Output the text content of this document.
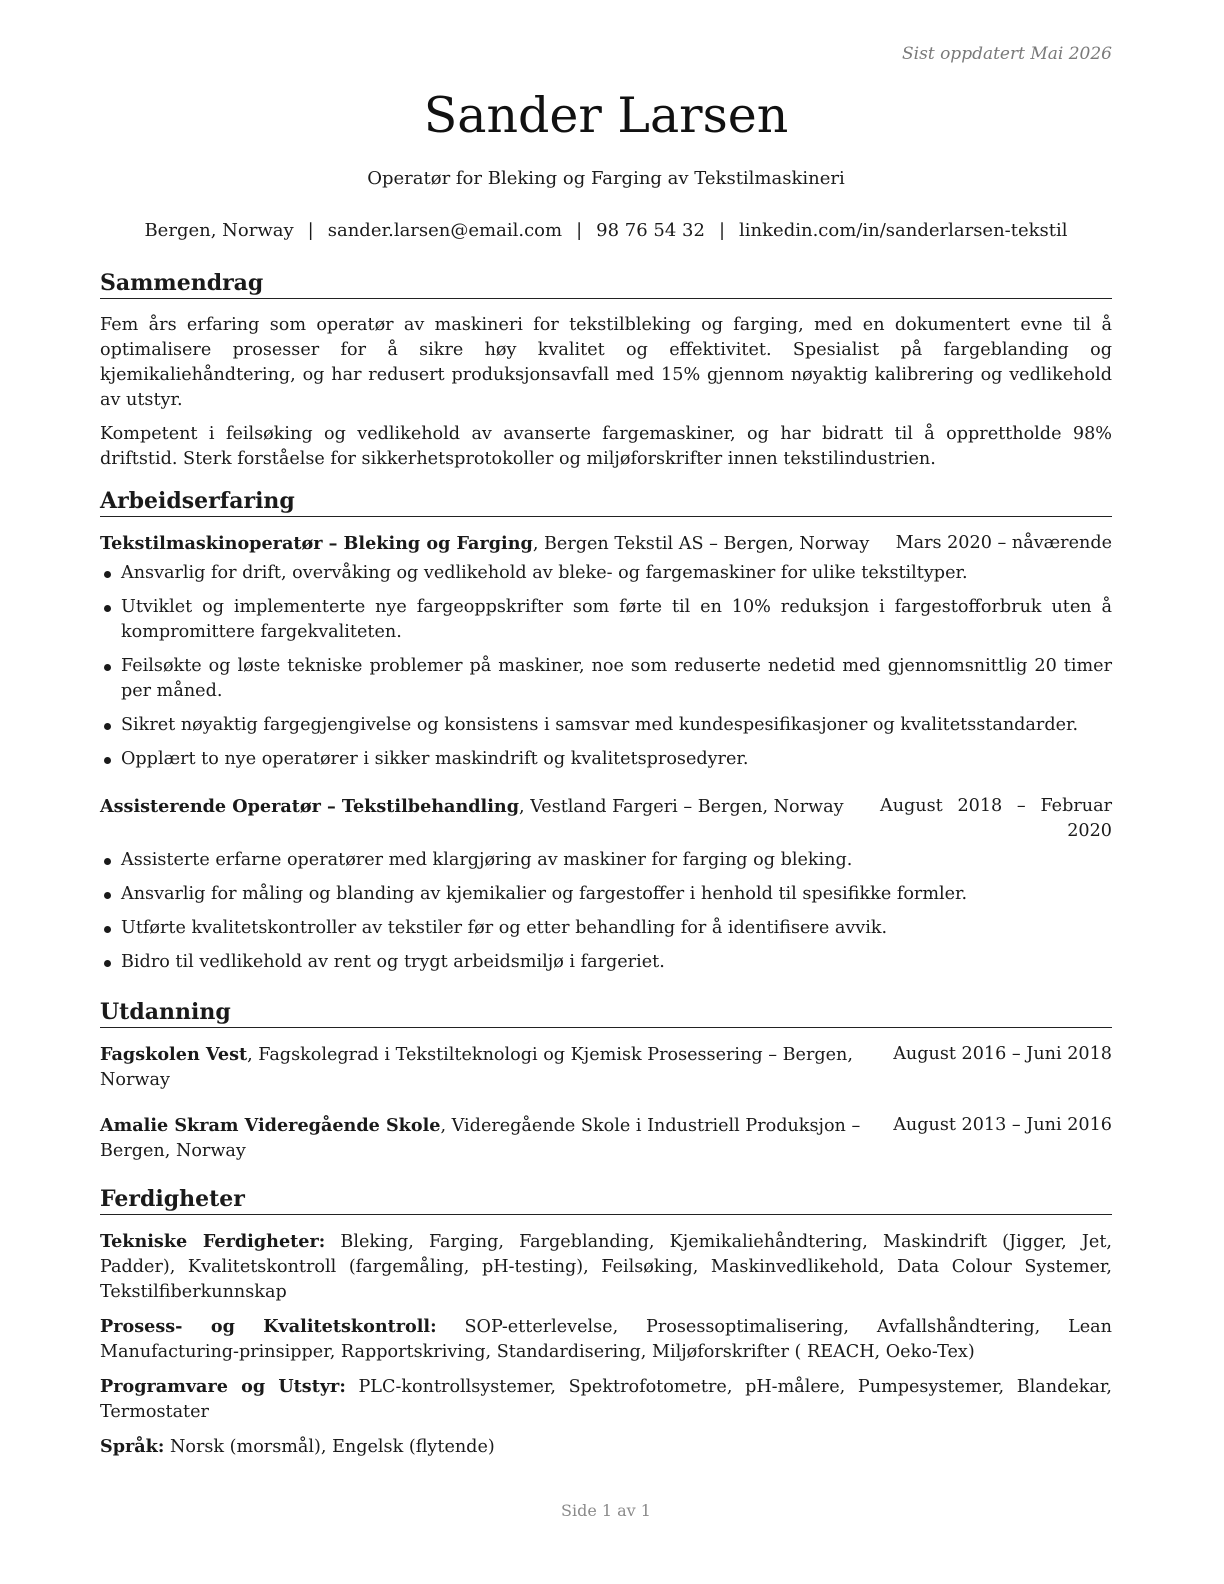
Sist oppdatert Mai 2026
Sander Larsen
Operatør for Bleking og Farging av Tekstilmaskineri
Bergen, Norway | sander.larsen@email.com | 98 76 54 32 | linkedin.com/in/sanderlarsen-tekstil
Sammendrag

Fem års erfaring som operatør av maskineri for tekstilbleking og farging, med en dokumentert evne til å optimalisere prosesser for å sikre høy kvalitet og effektivitet. Spesialist på fargeblanding og kjemikaliehåndtering, og har redusert produksjonsavfall med 15% gjennom nøyaktig kalibrering og vedlikehold av utstyr.

Kompetent i feilsøking og vedlikehold av avanserte fargemaskiner, og har bidratt til å opprettholde 98% driftstid. Sterk forståelse for sikkerhetsprotokoller og miljøforskrifter innen tekstilindustrien.

Arbeidserfaring
Tekstilmaskinoperatør – Bleking og Farging, Bergen Tekstil AS – Bergen, Norway	Mars 2020 – nåværende
Ansvarlig for drift, overvåking og vedlikehold av bleke- og fargemaskiner for ulike tekstiltyper.
Utviklet og implementerte nye fargeoppskrifter som førte til en 10% reduksjon i fargestofforbruk uten å kompromittere fargekvaliteten.
Feilsøkte og løste tekniske problemer på maskiner, noe som reduserte nedetid med gjennomsnittlig 20 timer per måned.
Sikret nøyaktig fargegjengivelse og konsistens i samsvar med kundespesifikasjoner og kvalitetsstandarder.
Opplært to nye operatører i sikker maskindrift og kvalitetsprosedyrer.
Assisterende Operatør – Tekstilbehandling, Vestland Fargeri – Bergen, Norway	August 2018 – Februar 2020
Assisterte erfarne operatører med klargjøring av maskiner for farging og bleking.
Ansvarlig for måling og blanding av kjemikalier og fargestoffer i henhold til spesifikke formler.
Utførte kvalitetskontroller av tekstiler før og etter behandling for å identifisere avvik.
Bidro til vedlikehold av rent og trygt arbeidsmiljø i fargeriet.
Utdanning
Fagskolen Vest, Fagskolegrad i Tekstilteknologi og Kjemisk Prosessering – Bergen, Norway
August 2016 – Juni 2018
Amalie Skram Videregående Skole, Videregående Skole i Industriell Produksjon – Bergen, Norway
August 2013 – Juni 2016
Ferdigheter

Tekniske Ferdigheter: Bleking, Farging, Fargeblanding, Kjemikaliehåndtering, Maskindrift (Jigger, Jet, Padder), Kvalitetskontroll (fargemåling, pH-testing), Feilsøking, Maskinvedlikehold, Data Colour Systemer, Tekstilfiberkunnskap

Prosess- og Kvalitetskontroll: SOP-etterlevelse, Prosessoptimalisering, Avfallshåndtering, Lean Manufacturing-prinsipper, Rapportskriving, Standardisering, Miljøforskrifter ( REACH, Oeko-Tex)

Programvare og Utstyr: PLC-kontrollsystemer, Spektrofotometre, pH-målere, Pumpesystemer, Blandekar, Termostater

Språk: Norsk (morsmål), Engelsk (flytende)

Side 1 av 1
